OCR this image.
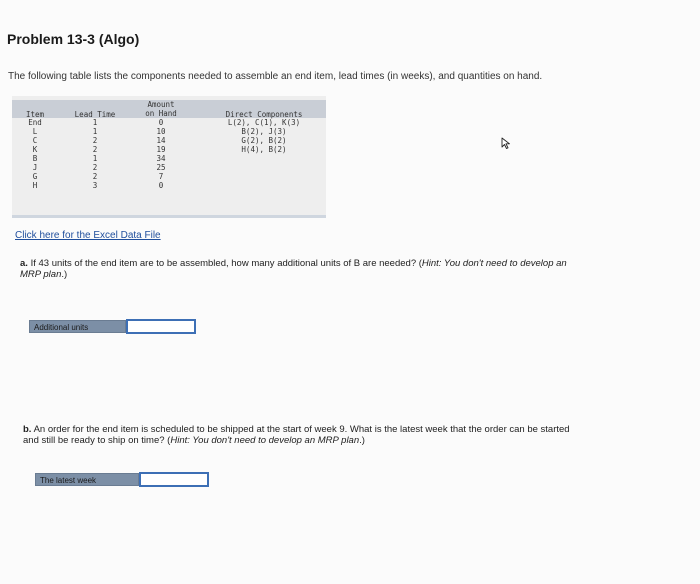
Problem 13-3 (Algo)
The following table lists the components needed to assemble an end item, lead times (in weeks), and quantities on hand.
Item	Lead Time
Amount
on Hand	Direct Components
End
L
C
K
B
J
G
H
1
1
2
2
1
2
2
3
0
10
14
19
34
25
7
0
L(2), C(1), K(3)
B(2), J(3)
G(2), B(2)
H(4), B(2)
Click here for the Excel Data File
a. If 43 units of the end item are to be assembled, how many additional units of B are needed? (Hint: You don't need to develop an
MRP plan.)
Additional units
b. An order for the end item is scheduled to be shipped at the start of week 9. What is the latest week that the order can be started
and still be ready to ship on time? (Hint: You don't need to develop an MRP plan.)
The latest week
